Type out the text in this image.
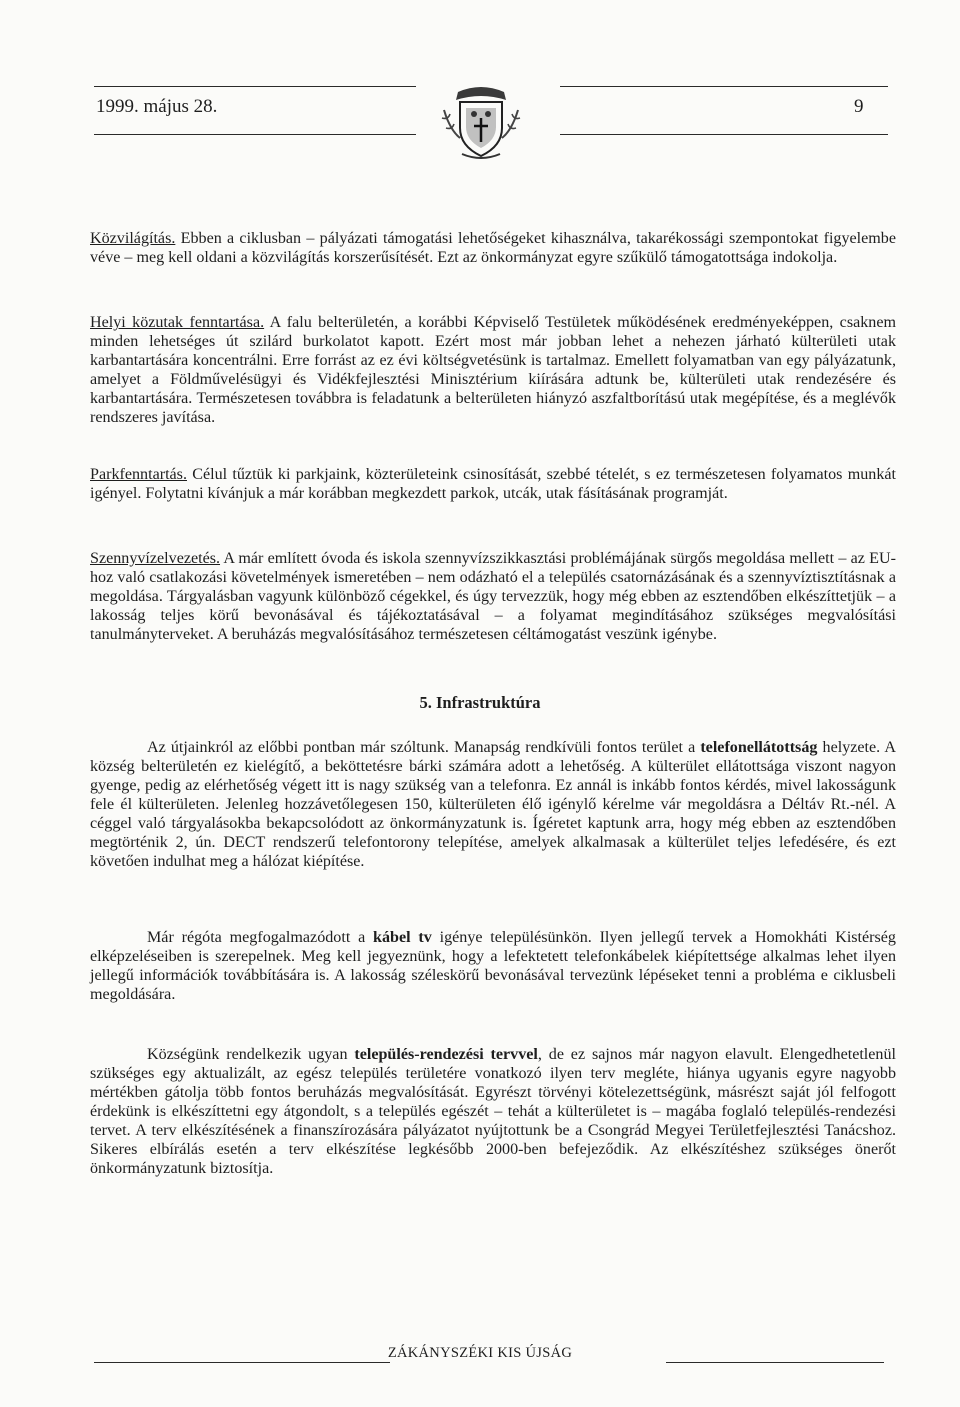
1999. május 28.	9

Közvilágítás. Ebben a ciklusban – pályázati támogatási lehetőségeket kihasználva, takarékossági szempontokat figyelembe véve – meg kell oldani a közvilágítás korszerűsítését. Ezt az önkormányzat egyre szűkülő támogatottsága indokolja.

Helyi közutak fenntartása. A falu belterületén, a korábbi Képviselő Testületek működésének eredményeképpen, csaknem minden lehetséges út szilárd burkolatot kapott. Ezért most már jobban lehet a nehezen járható külterületi utak karbantartására koncentrálni. Erre forrást az ez évi költségvetésünk is tartalmaz. Emellett folyamatban van egy pályázatunk, amelyet a Földművelésügyi és Vidékfejlesztési Minisztérium kiírására adtunk be, külterületi utak rendezésére és karbantartására. Természetesen továbbra is feladatunk a belterületen hiányzó aszfaltborítású utak megépítése, és a meglévők rendszeres javítása.

Parkfenntartás. Célul tűztük ki parkjaink, közterületeink csinosítását, szebbé tételét, s ez természetesen folyamatos munkát igényel. Folytatni kívánjuk a már korábban megkezdett parkok, utcák, utak fásításának programját.

Szennyvízelvezetés. A már említett óvoda és iskola szennyvízszikkasztási problémájának sürgős megoldása mellett – az EU-hoz való csatlakozási követelmények ismeretében – nem odázható el a település csatornázásának és a szennyvíztisztításnak a megoldása. Tárgyalásban vagyunk különböző cégekkel, és úgy tervezzük, hogy még ebben az esztendőben elkészíttetjük – a lakosság teljes körű bevonásával és tájékoztatásával – a folyamat megindításához szükséges megvalósítási tanulmányterveket. A beruházás megvalósításához természetesen céltámogatást veszünk igénybe.

5. Infrastruktúra

Az útjainkról az előbbi pontban már szóltunk. Manapság rendkívüli fontos terület a telefonellátottság helyzete. A község belterületén ez kielégítő, a beköttetésre bárki számára adott a lehetőség. A külterület ellátottsága viszont nagyon gyenge, pedig az elérhetőség végett itt is nagy szükség van a telefonra. Ez annál is inkább fontos kérdés, mivel lakosságunk fele él külterületen. Jelenleg hozzávetőlegesen 150, külterületen élő igénylő kérelme vár megoldásra a Déltáv Rt.-nél. A céggel való tárgyalásokba bekapcsolódott az önkormányzatunk is. Ígéretet kaptunk arra, hogy még ebben az esztendőben megtörténik 2, ún. DECT rendszerű telefontorony telepítése, amelyek alkalmasak a külterület teljes lefedésére, és ezt követően indulhat meg a hálózat kiépítése.

Már régóta megfogalmazódott a kábel tv igénye településünkön. Ilyen jellegű tervek a Homokháti Kistérség elképzeléseiben is szerepelnek. Meg kell jegyeznünk, hogy a lefektetett telefonkábelek kiépítettsége alkalmas lehet ilyen jellegű információk továbbítására is. A lakosság széleskörű bevonásával tervezünk lépéseket tenni a probléma e ciklusbeli megoldására.

Községünk rendelkezik ugyan település-rendezési tervvel, de ez sajnos már nagyon elavult. Elengedhetetlenül szükséges egy aktualizált, az egész település területére vonatkozó ilyen terv megléte, hiánya ugyanis egyre nagyobb mértékben gátolja több fontos beruházás megvalósítását. Egyrészt törvényi kötelezettségünk, másrészt saját jól felfogott érdekünk is elkészíttetni egy átgondolt, s a település egészét – tehát a külterületet is – magába foglaló település-rendezési tervet. A terv elkészítésének a finanszírozására pályázatot nyújtottunk be a Csongrád Megyei Területfejlesztési Tanácshoz. Sikeres elbírálás esetén a terv elkészítése legkésőbb 2000-ben befejeződik. Az elkészítéshez szükséges önerőt önkormányzatunk biztosítja.

ZÁKÁNYSZÉKI KIS ÚJSÁG
